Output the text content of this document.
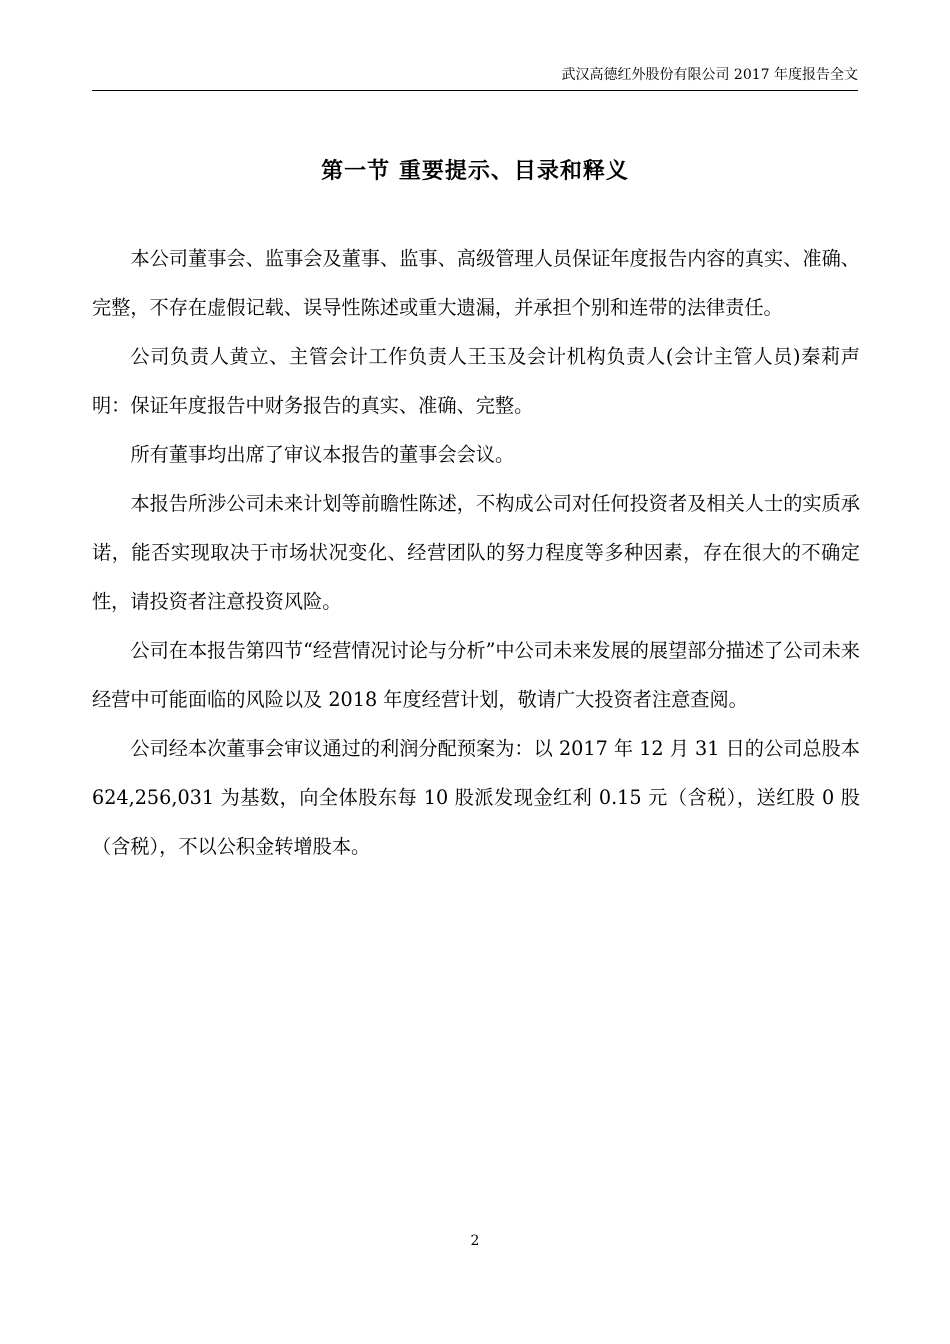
武汉高德红外股份有限公司 2017 年度报告全文
第一节 重要提示、目录和释义

本公司董事会、监事会及董事、监事、高级管理人员保证年度报告内容的真实、准确、完整，不存在虚假记载、误导性陈述或重大遗漏，并承担个别和连带的法律责任。

公司负责人黄立、主管会计工作负责人王玉及会计机构负责人(会计主管人员)秦莉声明：保证年度报告中财务报告的真实、准确、完整。

所有董事均出席了审议本报告的董事会会议。

本报告所涉公司未来计划等前瞻性陈述，不构成公司对任何投资者及相关人士的实质承诺，能否实现取决于市场状况变化、经营团队的努力程度等多种因素，存在很大的不确定性，请投资者注意投资风险。

公司在本报告第四节“经营情况讨论与分析”中公司未来发展的展望部分描述了公司未来经营中可能面临的风险以及 2018 年度经营计划，敬请广大投资者注意查阅。

公司经本次董事会审议通过的利润分配预案为：以 2017 年 12 月 31 日的公司总股本 624,256,031 为基数，向全体股东每 10 股派发现金红利 0.15 元（含税），送红股 0 股（含税），不以公积金转增股本。

2
